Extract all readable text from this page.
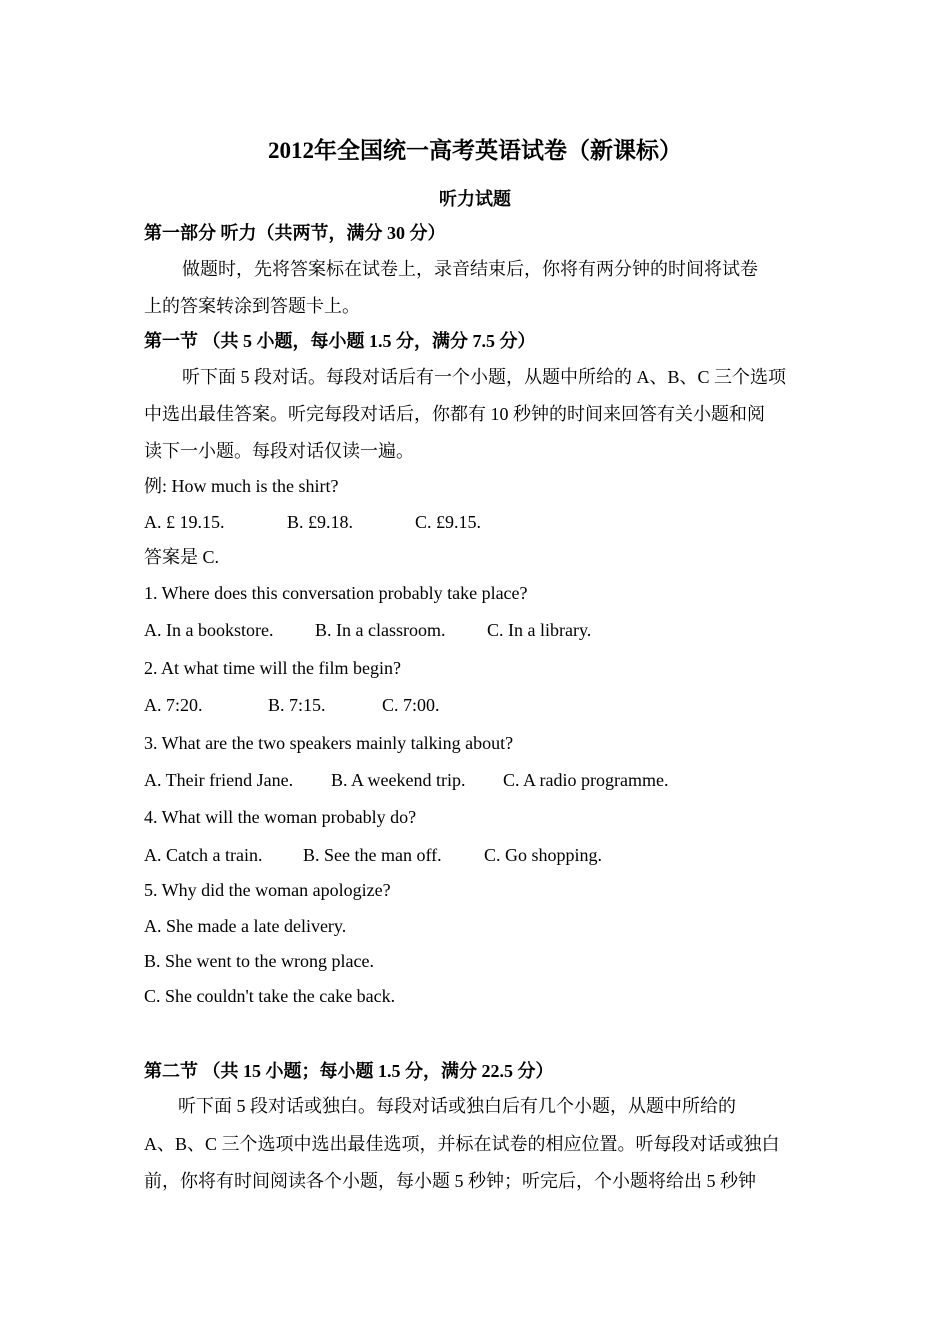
2012年全国统一高考英语试卷（新课标）
听力试题
第一部分 听力（共两节，满分 30 分）
做题时，先将答案标在试卷上，录音结束后，你将有两分钟的时间将试卷
上的答案转涂到答题卡上。
第一节 （共 5 小题，每小题 1.5 分，满分 7.5 分）
听下面 5 段对话。每段对话后有一个小题，从题中所给的 A、B、C 三个选项
中选出最佳答案。听完每段对话后，你都有 10 秒钟的时间来回答有关小题和阅
读下一小题。每段对话仅读一遍。
例: How much is the shirt?
A. £ 19.15.	B. £9.18.	C. £9.15.
答案是 C.
1. Where does this conversation probably take place?
A. In a bookstore. B. In a classroom. C. In a library.
2. At what time will the film begin?
A. 7:20.	B. 7:15.	C. 7:00.
3. What are the two speakers mainly talking about?
A. Their friend Jane. B. A weekend trip. C. A radio programme.
4. What will the woman probably do?
A. Catch a train. B. See the man off. C. Go shopping.
5. Why did the woman apologize?
A. She made a late delivery.
B. She went to the wrong place.
C. She couldn't take the cake back.
第二节 （共 15 小题；每小题 1.5 分，满分 22.5 分）
听下面 5 段对话或独白。每段对话或独白后有几个小题，从题中所给的
A、B、C 三个选项中选出最佳选项，并标在试卷的相应位置。听每段对话或独白
前，你将有时间阅读各个小题，每小题 5 秒钟；听完后，个小题将给出 5 秒钟
